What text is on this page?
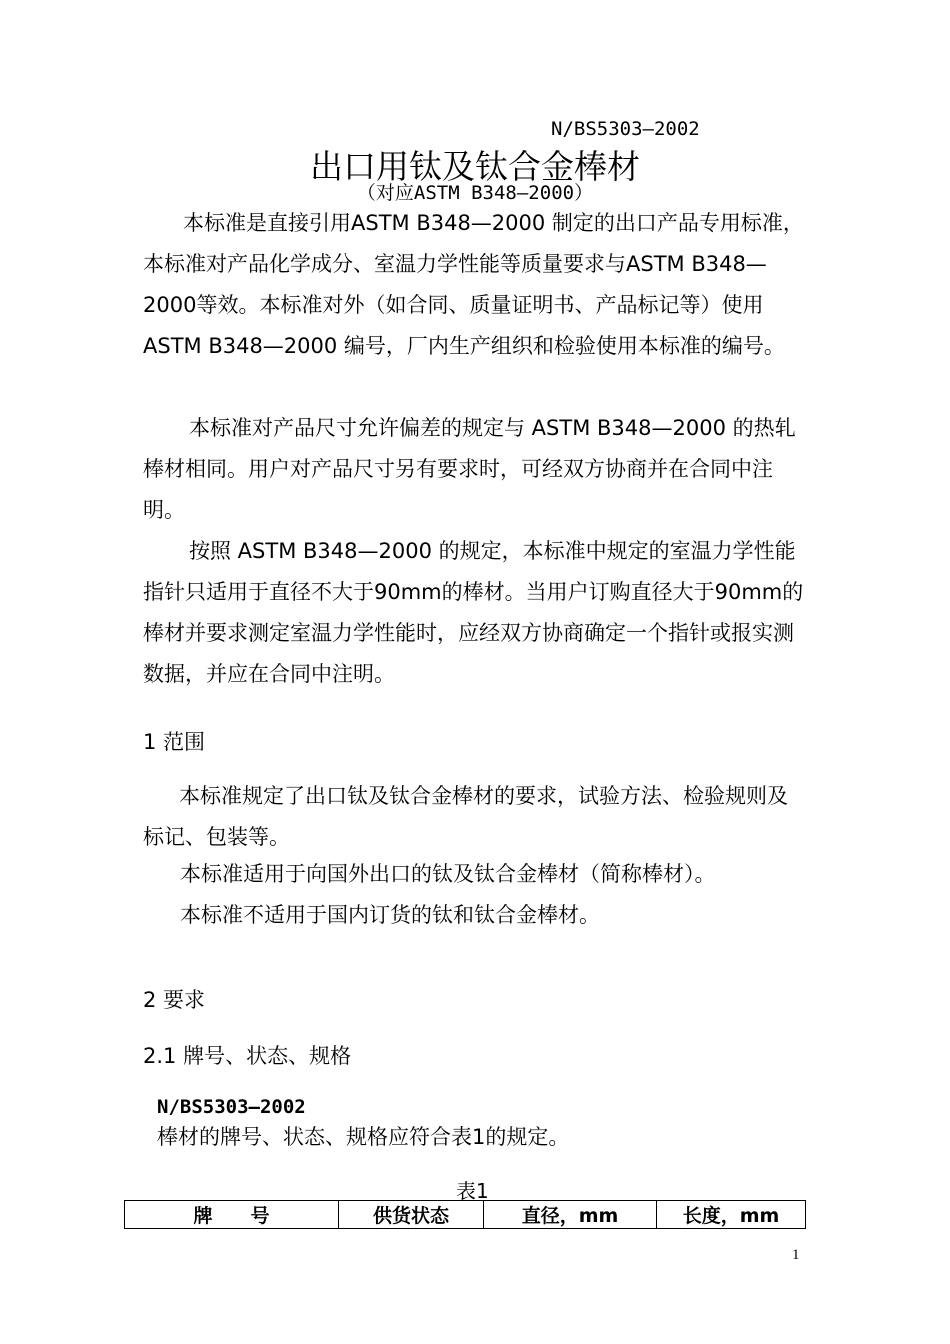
N/BS5303—2002
出口用钛及钛合金棒材
（对应ASTM B348—2000）
本标准是直接引用ASTM B348—2000 制定的出口产品专用标准，本标准对产品化学成分、室温力学性能等质量要求与ASTM B348—2000等效。本标准对外（如合同、质量证明书、产品标记等）使用ASTM B348—2000 编号，厂内生产组织和检验使用本标准的编号。
本标准对产品尺寸允许偏差的规定与 ASTM B348—2000 的热轧棒材相同。用户对产品尺寸另有要求时，可经双方协商并在合同中注明。
按照 ASTM B348—2000 的规定，本标准中规定的室温力学性能指针只适用于直径不大于90mm的棒材。当用户订购直径大于90mm的棒材并要求测定室温力学性能时，应经双方协商确定一个指针或报实测数据，并应在合同中注明。
1 范围
本标准规定了出口钛及钛合金棒材的要求，试验方法、检验规则及标记、包装等。
本标准适用于向国外出口的钛及钛合金棒材（简称棒材）。
本标准不适用于国内订货的钛和钛合金棒材。
2 要求
2.1 牌号、状态、规格
N/BS5303—2002
棒材的牌号、状态、规格应符合表1的规定。
表1
牌　　号	供货状态	直径，mm	长度，mm
1
